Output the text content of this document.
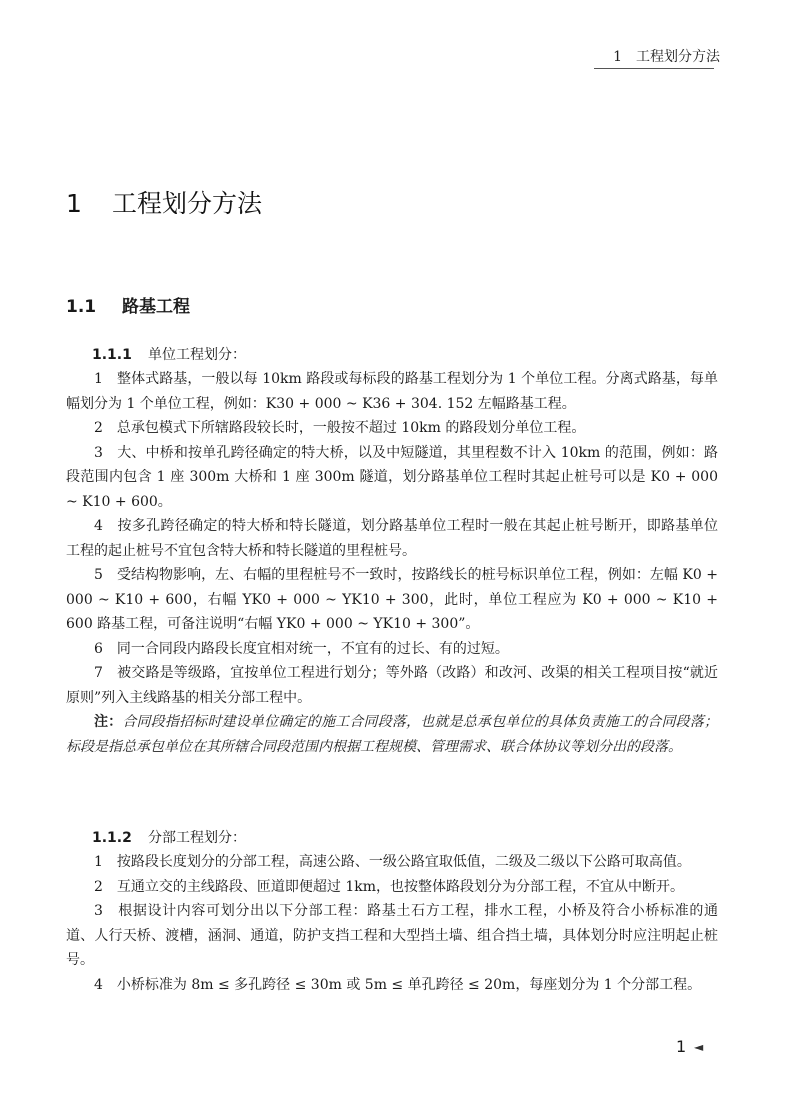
1　工程划分方法
1 工程划分方法
1.1 路基工程
1.1.1 单位工程划分：

1　整体式路基，一般以每 10km 路段或每标段的路基工程划分为 1 个单位工程。分离式路基，每单幅划分为 1 个单位工程，例如：K30 + 000 ~ K36 + 304. 152 左幅路基工程。

2　总承包模式下所辖路段较长时，一般按不超过 10km 的路段划分单位工程。

3　大、中桥和按单孔跨径确定的特大桥，以及中短隧道，其里程数不计入 10km 的范围，例如：路段范围内包含 1 座 300m 大桥和 1 座 300m 隧道，划分路基单位工程时其起止桩号可以是 K0 + 000 ~ K10 + 600。

4　按多孔跨径确定的特大桥和特长隧道，划分路基单位工程时一般在其起止桩号断开，即路基单位工程的起止桩号不宜包含特大桥和特长隧道的里程桩号。

5　受结构物影响，左、右幅的里程桩号不一致时，按路线长的桩号标识单位工程，例如：左幅 K0 + 000 ~ K10 + 600，右幅 YK0 + 000 ~ YK10 + 300，此时，单位工程应为 K0 + 000 ~ K10 + 600 路基工程，可备注说明“右幅 YK0 + 000 ~ YK10 + 300”。

6　同一合同段内路段长度宜相对统一，不宜有的过长、有的过短。

7　被交路是等级路，宜按单位工程进行划分；等外路（改路）和改河、改渠的相关工程项目按“就近原则”列入主线路基的相关分部工程中。

注：合同段指招标时建设单位确定的施工合同段落，也就是总承包单位的具体负责施工的合同段落；标段是指总承包单位在其所辖合同段范围内根据工程规模、管理需求、联合体协议等划分出的段落。

1.1.2 分部工程划分：

1　按路段长度划分的分部工程，高速公路、一级公路宜取低值，二级及二级以下公路可取高值。

2　互通立交的主线路段、匝道即便超过 1km，也按整体路段划分为分部工程，不宜从中断开。

3　根据设计内容可划分出以下分部工程：路基土石方工程，排水工程，小桥及符合小桥标准的通道、人行天桥、渡槽，涵洞、通道，防护支挡工程和大型挡土墙、组合挡土墙，具体划分时应注明起止桩号。

4　小桥标准为 8m ≤ 多孔跨径 ≤ 30m 或 5m ≤ 单孔跨径 ≤ 20m，每座划分为 1 个分部工程。

1 ◄
